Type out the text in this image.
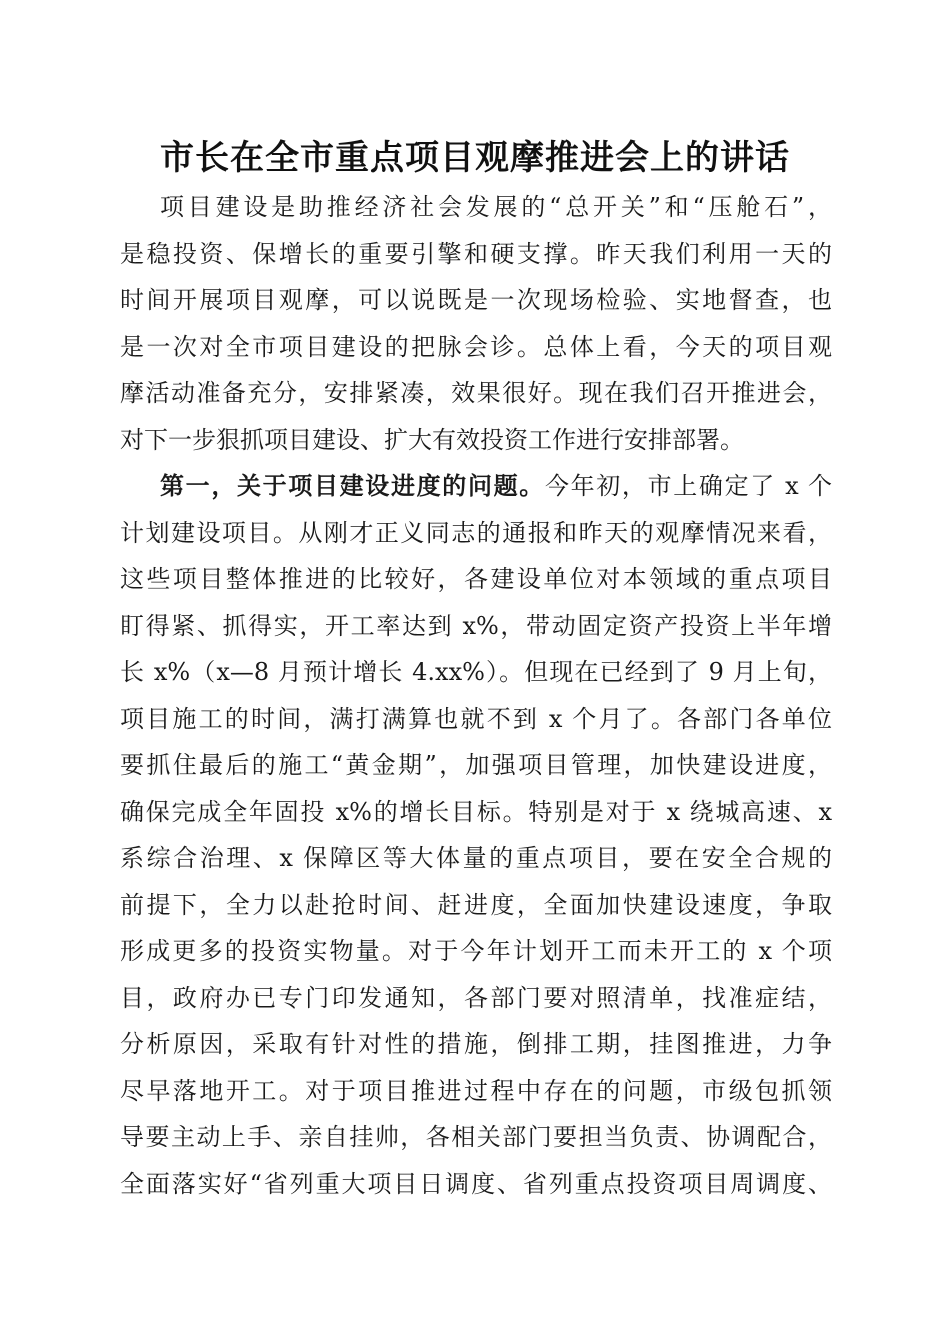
市长在全市重点项目观摩推进会上的讲话
项目建设是助推经济社会发展的“总开关”和“压舱石”，
是稳投资、保增长的重要引擎和硬支撑。昨天我们利用一天的
时间开展项目观摩，可以说既是一次现场检验、实地督查，也
是一次对全市项目建设的把脉会诊。总体上看，今天的项目观
摩活动准备充分，安排紧凑，效果很好。现在我们召开推进会，
对下一步狠抓项目建设、扩大有效投资工作进行安排部署。
第一，关于项目建设进度的问题。今年初，市上确定了 x 个
计划建设项目。从刚才正义同志的通报和昨天的观摩情况来看，
这些项目整体推进的比较好，各建设单位对本领域的重点项目
盯得紧、抓得实，开工率达到 x%，带动固定资产投资上半年增
长 x%（x—8 月预计增长 4.xx%）。但现在已经到了 9 月上旬，
项目施工的时间，满打满算也就不到 x 个月了。各部门各单位
要抓住最后的施工“黄金期”，加强项目管理，加快建设进度，
确保完成全年固投 x%的增长目标。特别是对于 x 绕城高速、x
系综合治理、x 保障区等大体量的重点项目，要在安全合规的
前提下，全力以赴抢时间、赶进度，全面加快建设速度，争取
形成更多的投资实物量。对于今年计划开工而未开工的 x 个项
目，政府办已专门印发通知，各部门要对照清单，找准症结，
分析原因，采取有针对性的措施，倒排工期，挂图推进，力争
尽早落地开工。对于项目推进过程中存在的问题，市级包抓领
导要主动上手、亲自挂帅，各相关部门要担当负责、协调配合，
全面落实好“省列重大项目日调度、省列重点投资项目周调度、
